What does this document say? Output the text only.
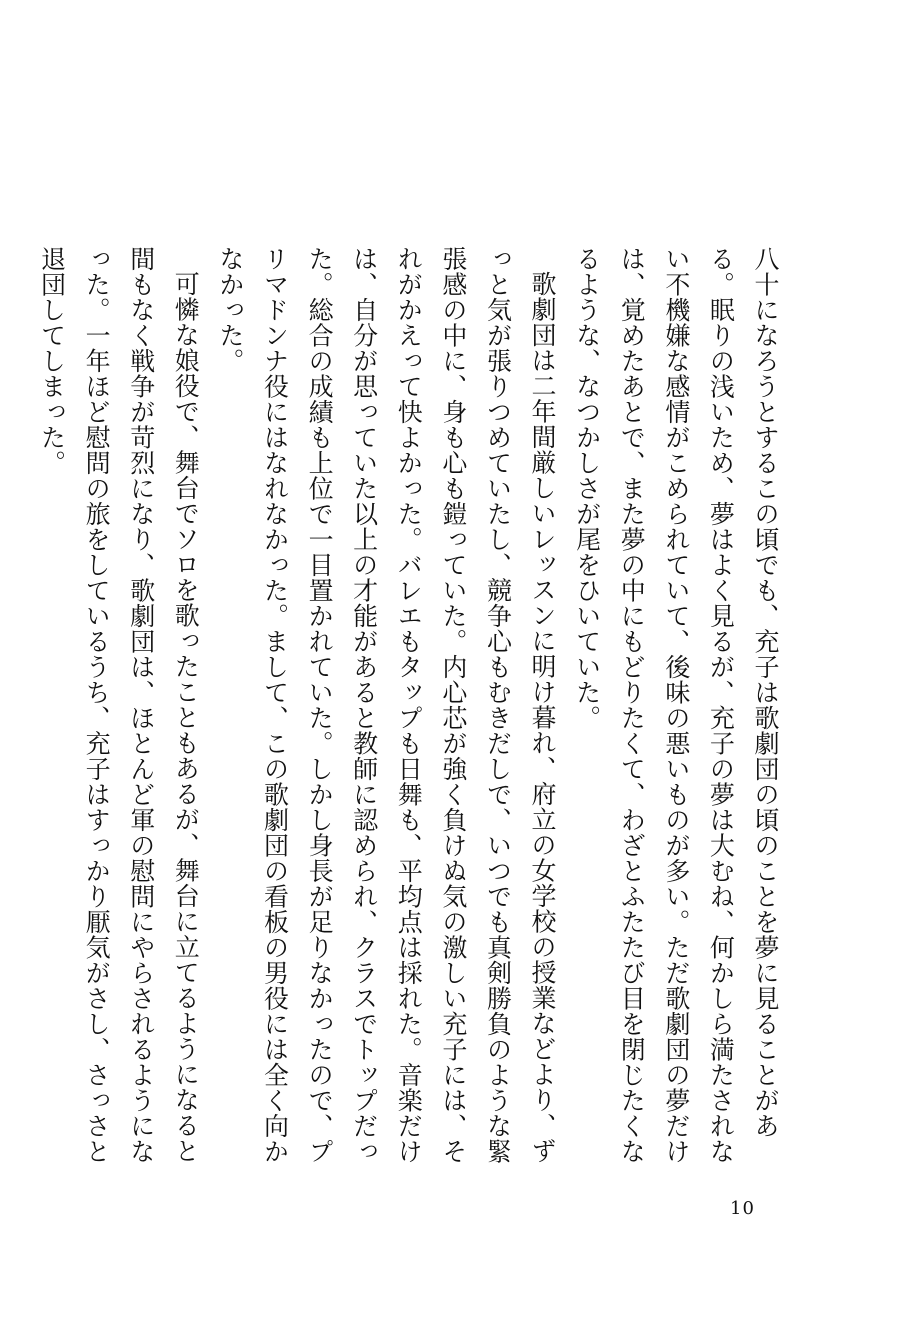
八十になろうとするこの頃でも、充子は歌劇団の頃のことを夢に見ることがある。眠りの浅いため、夢はよく見るが、充子の夢は大むね、何かしら満たされない不機嫌な感情がこめられていて、後味の悪いものが多い。ただ歌劇団の夢だけは、覚めたあとで、また夢の中にもどりたくて、わざとふたたび目を閉じたくなるような、なつかしさが尾をひいていた。

歌劇団は二年間厳しいレッスンに明け暮れ、府立の女学校の授業などより、ずっと気が張りつめていたし、競争心もむきだしで、いつでも真剣勝負のような緊張感の中に、身も心も鎧っていた。内心芯が強く負けぬ気の激しい充子には、それがかえって快よかった。バレエもタップも日舞も、平均点は採れた。音楽だけは、自分が思っていた以上の才能があると教師に認められ、クラスでトップだった。総合の成績も上位で一目置かれていた。しかし身長が足りなかったので、プリマドンナ役にはなれなかった。まして、この歌劇団の看板の男役には全く向かなかった。

可憐な娘役で、舞台でソロを歌ったこともあるが、舞台に立てるようになると間もなく戦争が苛烈になり、歌劇団は、ほとんど軍の慰問にやらされるようになった。一年ほど慰問の旅をしているうち、充子はすっかり厭気がさし、さっさと退団してしまった。

10
